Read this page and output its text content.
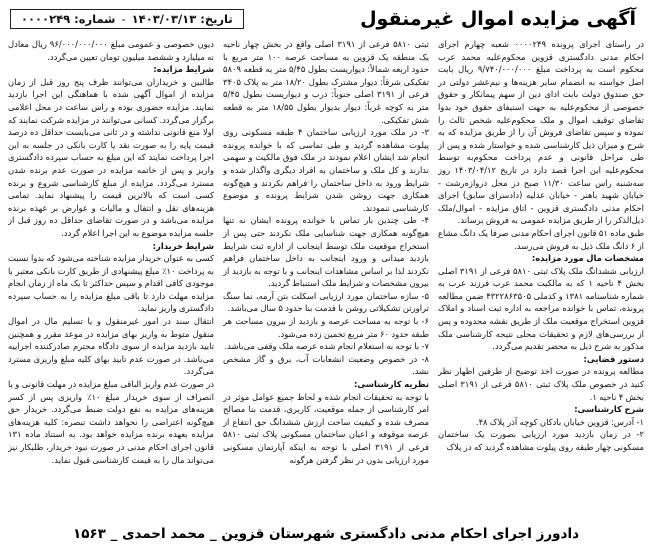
آگهی مزایده اموال غیرمنقول
تاریخ: ۱۴۰۳/۰۳/۱۳
-
شماره: ۰۰۰۰۲۴۹

در راستای اجرای پرونده ۰۰۰۰۲۴۹ شعبه چهارم اجرای احکام مدنی دادگستری قزوین محکوم‌علیه محمد عرب محکوم است به پرداخت مبلغ ۹/۷۴۰/۰۰۰/۰۰۰ ریال بابت اصل خواسته به انضمام سایر هزینه‌ها و نیم‌عشر دولتی در حق صندوق دولت بابت ادای دین از سهم پیمانکار و حقوق خصوصی از محکوم‌علیه به جهت استیفای حقوق خود بدوا تقاضای توقیف اموال و ملک محکوم‌علیه شخص ثالث را نموده و سپس تقاضای فروش آن را از طریق مزایده که به شرح و میزان ذیل کارشناسی شده و خواستار شده و پس از طی مراحل قانونی و عدم پرداخت محکوم‌به توسط محکوم‌علیه این اجرا قصد دارد در تاریخ ۱۴۰۳/۰۴/۱۲ روز سه‌شنبه راس ساعت ۱۱/۳۰ صبح در محل دروازه‌رشت - خیابان شهید باهنر - خیابان عدلیه (دادسرای سابق) اجرای احکام مدنی دادگستری قزوین - اتاق مزایده - اموال‌/ملک ذیل‌الذکر را از طریق مزایده عمومی به فروش برساند.

طبق ماده ۵۱ قانون اجرای احکام مدنی صرفا یک دانگ مشاع از ۶ دانگ ملک ذیل به فروش می‌رسد.

مشخصات مال مورد مزایده:

ارزیابی ششدانگ ملک پلاک ثبتی ۵۸۱۰ فرعی از ۳۱۹۱ اصلی بخش ۴ ناحیه ۱ که به مالکیت محمد عرب فرزند عرب به شماره شناسنامه ۱۳۸۱ و کدملی ۴۳۲۲۸۶۳۵۰۵ ضمن مطالعه پرونده، تماس با خوانده مراجعه به اداره ثبت اسناد و املاک قزوین استخراج موقعیت ملک از طریق نقشه محدوده و پس از بررسی‌های لازم و تحقیقات محلی نتیجه کارشناسی ملک مذکور به شرح ذیل به محضر تقدیم می‌گردد.

دستور قضایی:

مطالعه پرونده در صورت اخذ توضیح از طرفین اظهار نظر کنید در خصوص ملک پلاک ثبتی ۵۸۱۰ فرعی از ۳۱۹۱ اصلی بخش ۴ ناحیه ۱.

شرح کارشناسی:

۱- آدرس: قزوین خیابان بادکان کوچه آذر پلاک ۴۸.

۲- در زمان بازدید مورد ارزیابی بصورت یک ساختمان مسکونی چهار طبقه روی پیلوت مشاهده گردید که در پلاک

ثبتی ۵۸۱۰ فرعی از ۳۱۹۱ اصلی واقع در بخش چهار ناحیه یک منطقه یک قزوین به مساحت عرصه ۱۰۰ متر مربع با حدود اربعه شمالاً: دیواریست بطول ۵/۴۵ متر به قطعه ۵۸۰۹ تفکیکی شرقاً: دیوار مشترک بطول ۱۸/۲۰ متر به پلاک ۳۴۰۵ فرعی از ۳۱۹۱ اصلی جنوباً: درب و دیواریست بطول ۵/۴۵ متر به کوچه غرباً: دیوار بدیوار بطول ۱۸/۵۵ متر به قطعه شش تفکیکی.

۳- در ملک مورد ارزیابی ساختمان ۴ طبقه مسکونی روی پیلوت مشاهده گردید و طی تماسی که با خوانده پرونده انجام شد ایشان اعلام نمودند در ملک فوق مالکیت و سهمی ندارند و کل ملک و ساختمان به افراد دیگری واگذار شده و شرایط ورود به داخل ساختمان را فراهم نکردند و هیچ‌گونه همکاری جهت روشن شدن شرایط پرونده و موضوع کارشناسی ننمودند.

۴- طی چندین بار تماس با خوانده پرونده ایشان نه تنها هیچ‌گونه همکاری جهت شناسایی ملک نکردند حتی پس از استخراج موقعیت ملک توسط اینجانب از اداره ثبت شرایط بازدید میدانی و ورود اینجانب به داخل ساختمان فراهم نکردند لذا بر اساس مشاهدات اینجانب و با توجه به بازدید از بیرون مشخصات و شرایط ملک استنباط گردید.

۵- سازه ساختمان مورد ارزیابی اسکلت بتن آرمه، نما سنگ تراورتن تشکیلاتی روشن با قدمت بنا حدود ۵ سال می‌باشد.

۶- با توجه به مساحت عرصه و بازدید از بیرون مساحت هر طبقه حدود ۶۰ متر مربع تخمین زده می‌شود.

۷- با توجه به استعلام انجام شده عرصه ملک وقفی می‌باشد.

۸- در خصوص وضعیت انشعابات آب، برق و گاز مشخص نشد.

نظریه کارشناسی:

با توجه به تحقیقات انجام شده و لحاظ جمیع عوامل موثر در امر کارشناسی از جمله موقعیت، کاربری، قدمت بنا مصالح مصرف شده و کیفیت ساخت ارزش ششدانگ حق انتفاع از عرصه موقوفه و اعیان ساختمان مسکونی پلاک ثبتی ۵۸۱۰ فرعی از ۳۱۹۱ اصلی با توجه به اینکه آپارتمان مسکونی مورد ارزیابی بدون در نظر گرفتن هرگونه

دیون خصوصی و عمومی مبلغ ۹۶/۰۰۰/۰۰۰/۰۰۰ ریال معادل نه میلیارد و ششصد میلیون تومان تعیین می‌گردد.

شرایط مزایده:

طالبین و خریداران می‌توانند ظرف پنج روز قبل از زمان مزایده از اموال آگهی شده با هماهنگی این اجرا بازدید نمایند. مزایده حضوری بوده و راس ساعت در محل اعلامی برگزار می‌گردد. کسانی می‌توانند در مزایده شرکت نمایند که اولا منع قانونی نداشته و در ثانی می‌بایست حداقل ده درصد قیمت پایه را به صورت نقد یا کارت بانکی در جلسه به این اجرا پرداخت نمایند که این مبلغ به حساب سپرده دادگستری واریز و پس از خاتمه مزایده در صورت عدم برنده شدن مسترد می‌گردد. مزایده از مبلغ کارشناسی شروع و برنده کسی است که بالاترین قیمت را پیشنهاد نماید. تمامی هزینه‌های نقل و انتقال و مالیات و عوارض بر عهده برنده مزایده می‌باشد و در صورت تقاضای حداقل ده روز قبل از جلسه مزایده موضوع به این اجرا اعلام گردد.

شرایط خریدار:

کسی به عنوان خریدار مزایده شناخته می‌شود که بدوا نسبت به پرداخت ۱۰٪ مبلغ پیشنهادی از طریق کارت بانکی معتبر با موجودی کافی اقدام و سپس حداکثر تا یک ماه از زمان انجام مزایده مهلت دارد تا باقی مبلغ مزایده را به حساب سپرده دادگستری واریز نماید.

انتقال سند در امور غیرمنقول و یا تسلیم مال در اموال منقول متوط به واریز بهای مزایده در موعد مقرر و همچنین تایید بازدید مزایده از سوی دادگاه محترم صادرکننده اجراییه می‌باشد. در صورت عدم تایید بهای کلیه مبلغ واریزی مسترد می‌گردد.

در صورت عدم واریز الباقی مبلغ مزایده در مهلت قانونی و یا انصراف از سوی خریدار مبلغ ۱۰٪ واریزی پس از کسر هزینه‌های مزایده به نفع دولت ضبط می‌گردد. خریدار حق هیچ‌گونه اعتراضی را نخواهد داشت تبصره: کلیه هزینه‌های مزایده بعهده برنده مزایده خواهد بود. به استناد ماده ۱۳۱ قانون اجرای احکام مدنی در صورت نبود خریدار، طلبکار نیز می‌تواند مال را به قیمت کارشناسی قبول نماید.

دادورز اجرای احکام مدنی دادگستری شهرستان قزوین _ محمد احمدی _ ۱۵۶۳
